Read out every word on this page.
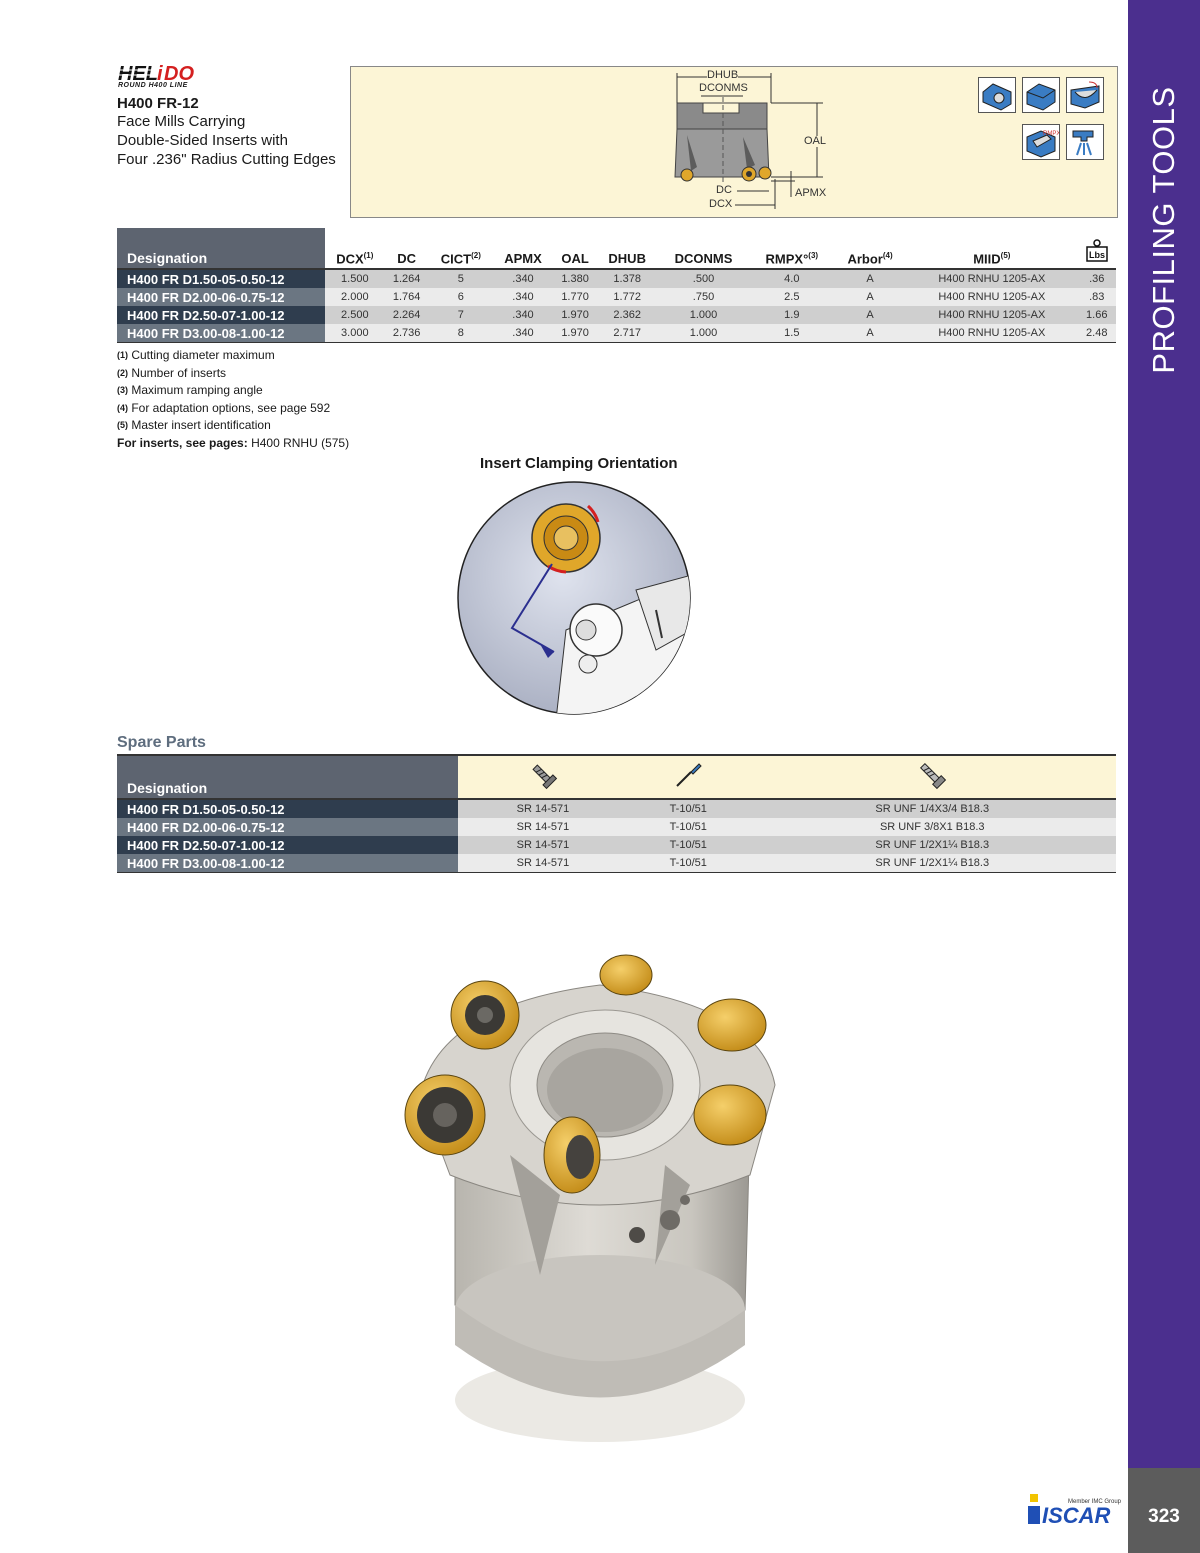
PROFILING TOOLS
323
HEL i DO
ROUND H400 LINE
H400 FR-12
Face Mills Carrying
Double-Sided Inserts with
Four .236" Radius Cutting Edges
DHUB
DCONMS
OAL
DC
DCX
APMX
RMPX
Designation	DCX$^{(1)}$	DC	CICT$^{(2)}$	APMX	OAL	DHUB	DCONMS	RMPX°$^{(3)}$	Arbor$^{(4)}$	MIID$^{(5)}$	Lbs

H400 FR D1.50-05-0.50-12	1.500	1.264	5	.340	1.380	1.378	.500	4.0	A	H400 RNHU 1205-AX	.36
H400 FR D2.00-06-0.75-12	2.000	1.764	6	.340	1.770	1.772	.750	2.5	A	H400 RNHU 1205-AX	.83
H400 FR D2.50-07-1.00-12	2.500	2.264	7	.340	1.970	2.362	1.000	1.9	A	H400 RNHU 1205-AX	1.66
H400 FR D3.00-08-1.00-12	3.000	2.736	8	.340	1.970	2.717	1.000	1.5	A	H400 RNHU 1205-AX	2.48
$^{(1)}$ Cutting diameter maximum
$^{(2)}$ Number of inserts
$^{(3)}$ Maximum ramping angle
$^{(4)}$ For adaptation options, see page 592
$^{(5)}$ Master insert identification
For inserts, see pages: H400 RNHU (575)
Insert Clamping Orientation
Spare Parts
Designation			
H400 FR D1.50-05-0.50-12	SR 14-571	T-10/51	SR UNF 1/4X3/4 B18.3
H400 FR D2.00-06-0.75-12	SR 14-571	T-10/51	SR UNF 3/8X1 B18.3
H400 FR D2.50-07-1.00-12	SR 14-571	T-10/51	SR UNF 1/2X1¼ B18.3
H400 FR D3.00-08-1.00-12	SR 14-571	T-10/51	SR UNF 1/2X1¼ B18.3
Member IMC Group
ISCAR
